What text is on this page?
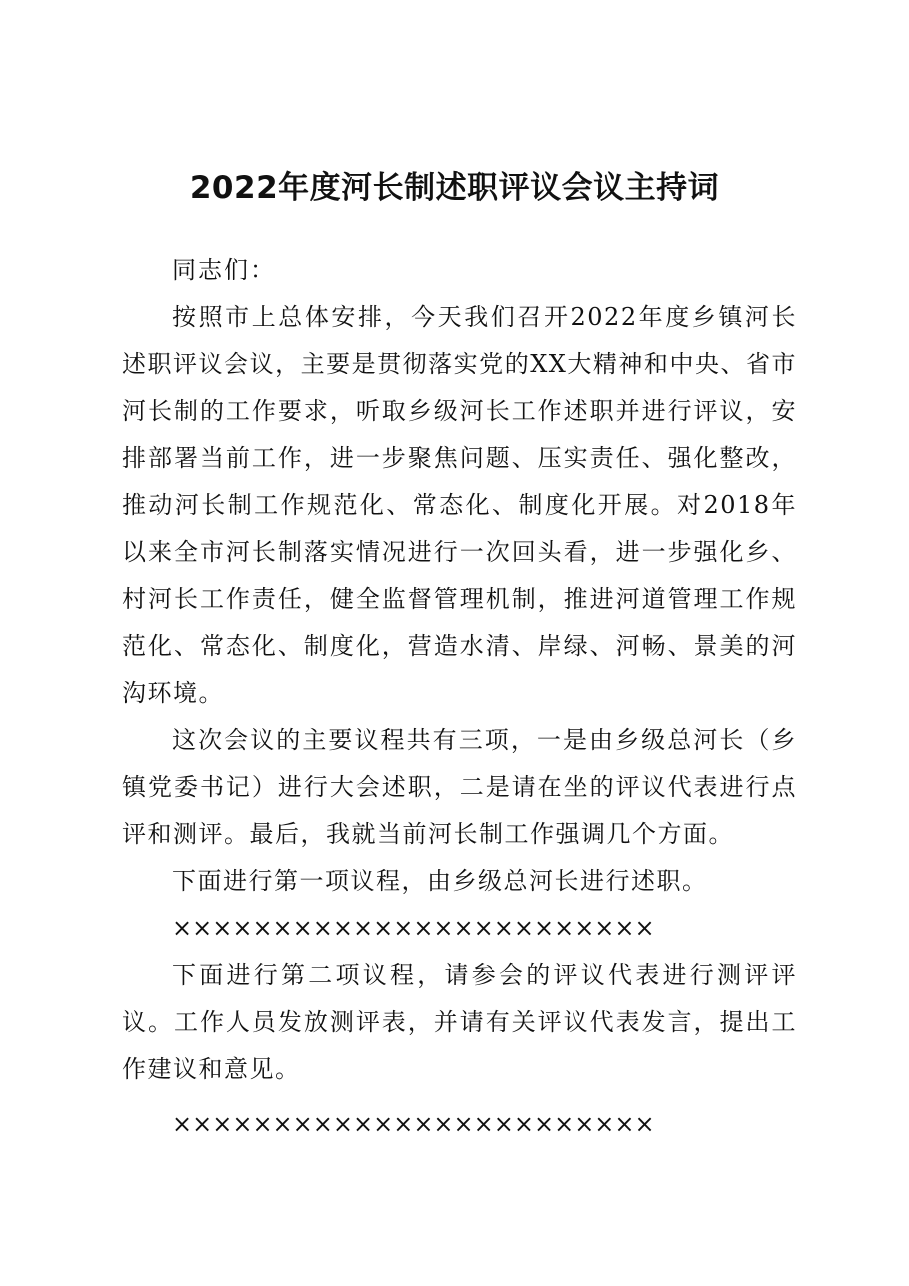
2022年度河长制述职评议会议主持词

同志们：

按照市上总体安排，今天我们召开2022年度乡镇河长述职评议会议，主要是贯彻落实党的XX大精神和中央、省市河长制的工作要求，听取乡级河长工作述职并进行评议，安排部署当前工作，进一步聚焦问题、压实责任、强化整改，推动河长制工作规范化、常态化、制度化开展。对2018年以来全市河长制落实情况进行一次回头看，进一步强化乡、村河长工作责任，健全监督管理机制，推进河道管理工作规范化、常态化、制度化，营造水清、岸绿、河畅、景美的河沟环境。

这次会议的主要议程共有三项，一是由乡级总河长（乡镇党委书记）进行大会述职，二是请在坐的评议代表进行点评和测评。最后，我就当前河长制工作强调几个方面。

下面进行第一项议程，由乡级总河长进行述职。

××××××××××××××××××××××××

下面进行第二项议程，请参会的评议代表进行测评评议。工作人员发放测评表，并请有关评议代表发言，提出工作建议和意见。

××××××××××××××××××××××××
